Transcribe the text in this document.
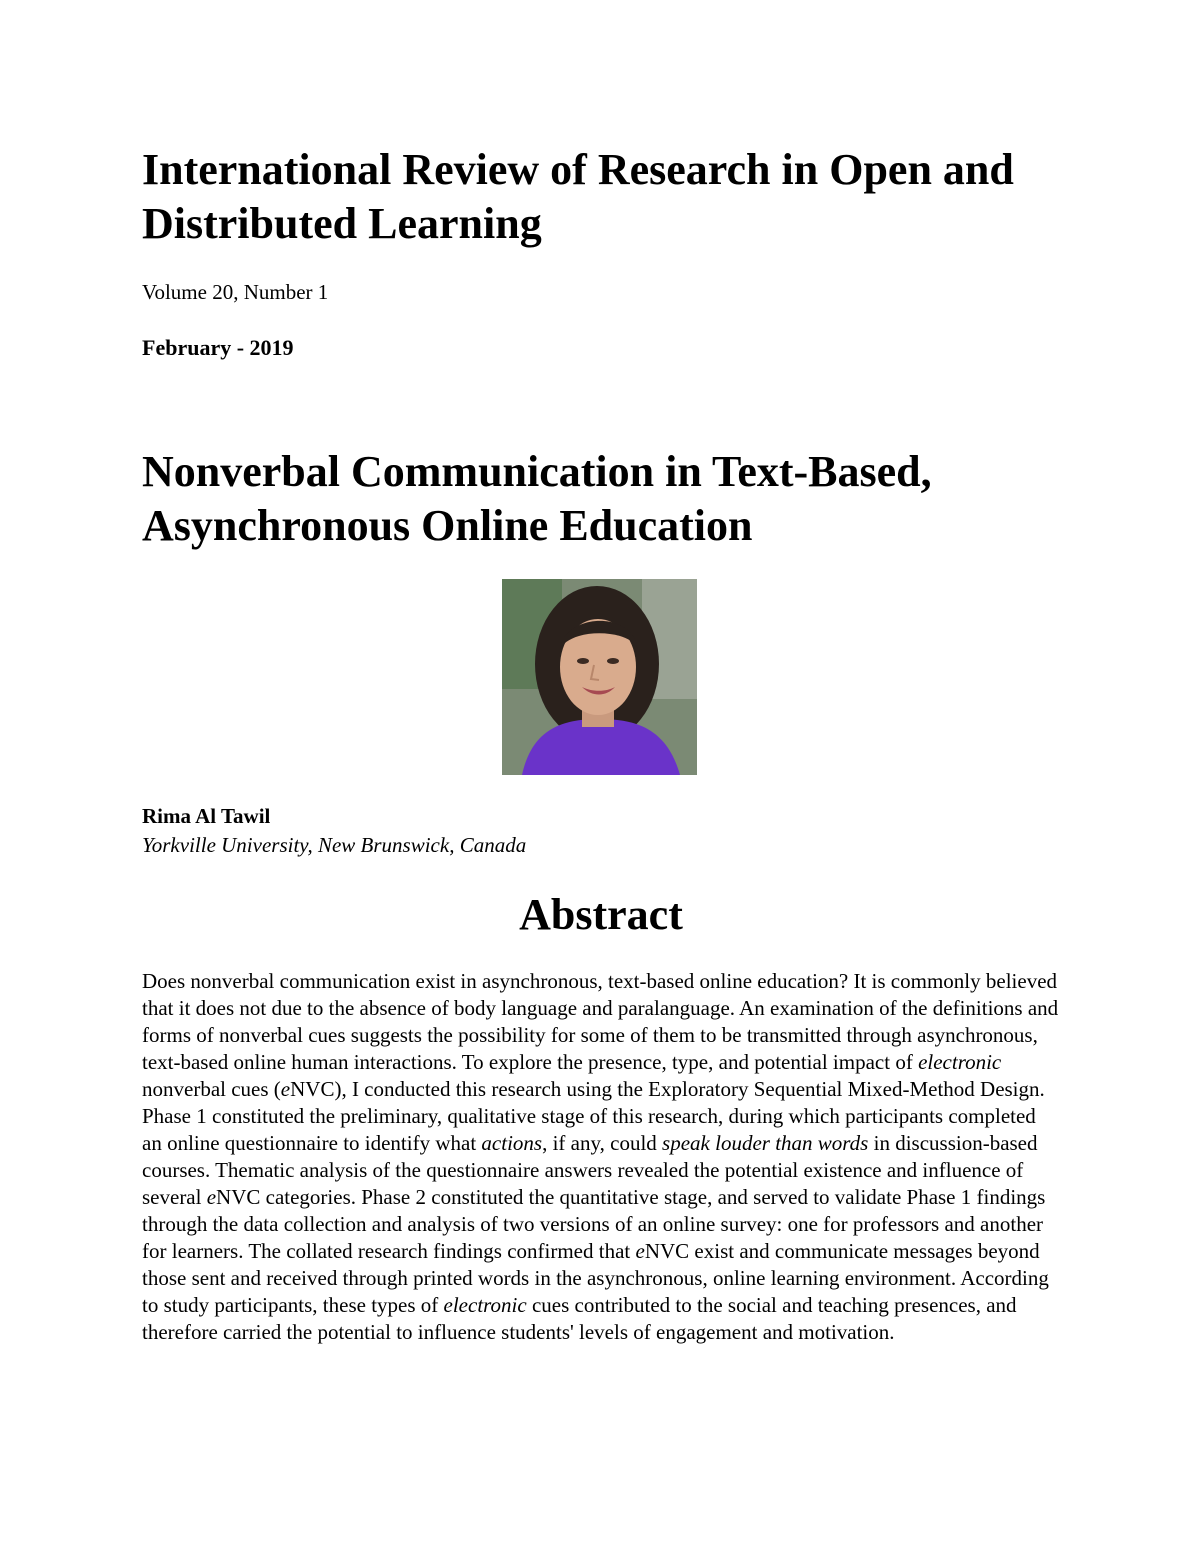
International Review of Research in Open and Distributed Learning
Volume 20, Number 1
February - 2019
Nonverbal Communication in Text-Based, Asynchronous Online Education
Rima Al Tawil
Yorkville University, New Brunswick, Canada
Abstract

Does nonverbal communication exist in asynchronous, text-based online education? It is commonly believed that it does not due to the absence of body language and paralanguage. An examination of the definitions and forms of nonverbal cues suggests the possibility for some of them to be transmitted through asynchronous, text-based online human interactions. To explore the presence, type, and potential impact of electronic nonverbal cues (eNVC), I conducted this research using the Exploratory Sequential Mixed-Method Design. Phase 1 constituted the preliminary, qualitative stage of this research, during which participants completed an online questionnaire to identify what actions, if any, could speak louder than words in discussion-based courses. Thematic analysis of the questionnaire answers revealed the potential existence and influence of several eNVC categories. Phase 2 constituted the quantitative stage, and served to validate Phase 1 findings through the data collection and analysis of two versions of an online survey: one for professors and another for learners. The collated research findings confirmed that eNVC exist and communicate messages beyond those sent and received through printed words in the asynchronous, online learning environment. According to study participants, these types of electronic cues contributed to the social and teaching presences, and therefore carried the potential to influence students' levels of engagement and motivation.
